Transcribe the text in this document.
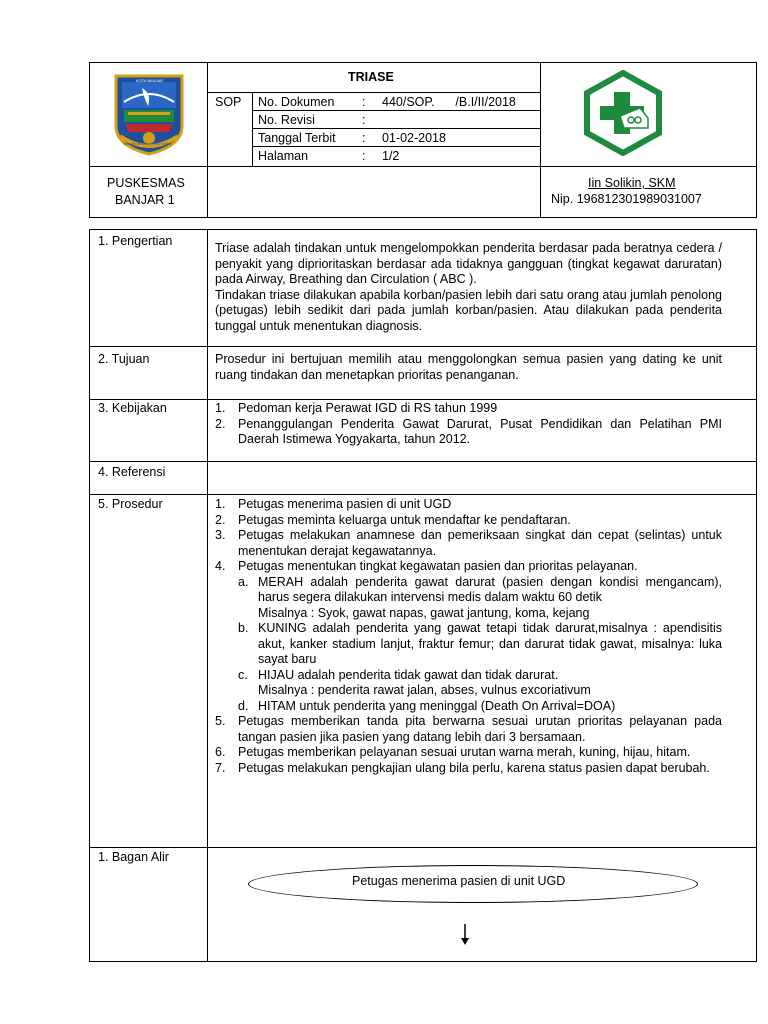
KOTA BANJAR
BANJAR PATROMAN SAUYUNAN
TRIASE
SOP No. Dokumen : 440/SOP.      /B.I/II/2018
No. Revisi	:
Tanggal Terbit : 01-02-2018
Halaman	: 1/2
PUSKESMAS
BANJAR 1
Iin Solikin, SKM
Nip. 196812301989031007
1. Pengertian	Triase adalah tindakan untuk mengelompokkan penderita berdasar pada beratnya cedera / penyakit yang diprioritaskan berdasar ada tidaknya gangguan (tingkat kegawat daruratan) pada Airway, Breathing dan Circulation ( ABC ).
Tindakan triase dilakukan apabila korban/pasien lebih dari satu orang atau jumlah penolong (petugas) lebih sedikit dari pada jumlah korban/pasien. Atau dilakukan pada penderita tunggal untuk menentukan diagnosis.
2. Tujuan	Prosedur ini bertujuan memilih atau menggolongkan semua pasien yang dating ke unit ruang tindakan dan menetapkan prioritas penanganan.
3. Kebijakan	1.	Pedoman kerja Perawat IGD di RS tahun 1999
2.	Penanggulangan Penderita Gawat Darurat, Pusat Pendidikan dan Pelatihan PMI Daerah Istimewa Yogyakarta, tahun 2012.
4. Referensi
5. Prosedur	1.	Petugas menerima pasien di unit UGD
2.	Petugas meminta keluarga untuk mendaftar ke pendaftaran.
3.	Petugas melakukan anamnese dan pemeriksaan singkat dan cepat (selintas) untuk menentukan derajat kegawatannya.
4.	Petugas menentukan tingkat kegawatan pasien dan prioritas pelayanan.
a. MERAH adalah penderita gawat darurat (pasien dengan kondisi mengancam), harus segera dilakukan intervensi medis dalam waktu 60 detik
Misalnya : Syok, gawat napas, gawat jantung, koma, kejang
b. KUNING adalah penderita yang gawat tetapi tidak darurat,misalnya : apendisitis akut, kanker stadium lanjut, fraktur femur; dan darurat tidak gawat, misalnya: luka sayat baru
c. HIJAU adalah penderita tidak gawat dan tidak darurat.
Misalnya : penderita rawat jalan, abses, vulnus excoriativum
d. HITAM untuk penderita yang meninggal (Death On Arrival=DOA)
5.	Petugas memberikan tanda pita berwarna sesuai urutan prioritas pelayanan pada tangan pasien jika pasien yang datang lebih dari 3 bersamaan.
6.	Petugas memberikan pelayanan sesuai urutan warna merah, kuning, hijau, hitam.
7.	Petugas melakukan pengkajian ulang bila perlu, karena status pasien dapat berubah.
1. Bagan Alir
Petugas menerima pasien di unit UGD
